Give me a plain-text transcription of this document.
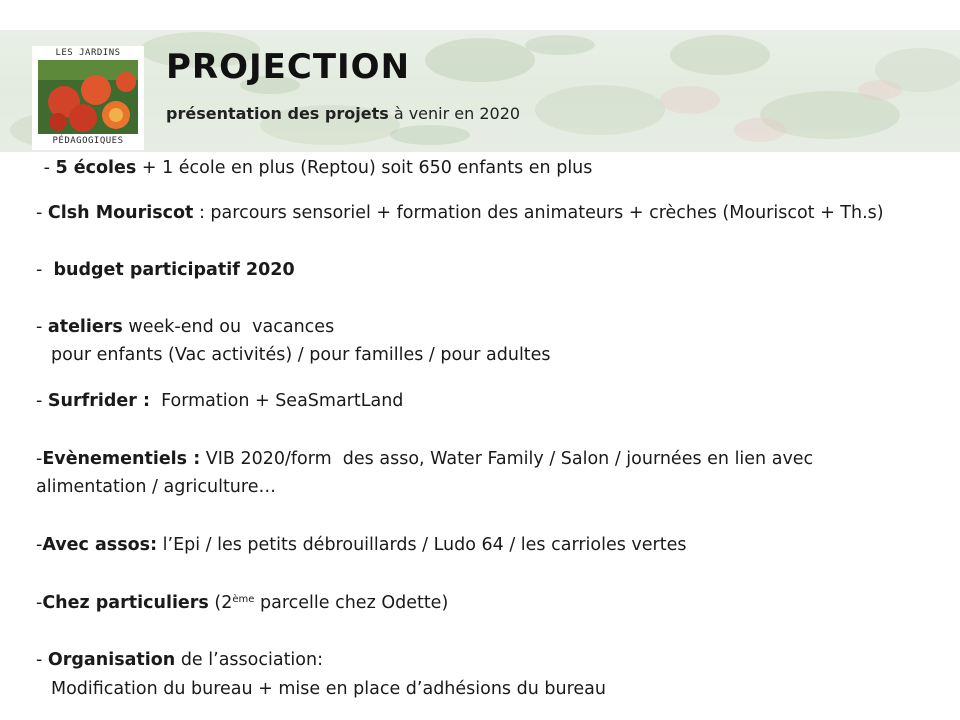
LES JARDINS
PÉDAGOGIQUES
PROJECTION
présentation des projets à venir en 2020
- 5 écoles + 1 école en plus (Reptou) soit 650 enfants en plus
- Clsh Mouriscot : parcours sensoriel + formation des animateurs + crèches (Mouriscot + Th.s)
-  budget participatif 2020
- ateliers week-end ou  vacances
pour enfants (Vac activités) / pour familles / pour adultes
- Surfrider :  Formation + SeaSmartLand
-Evènementiels : VIB 2020/form  des asso, Water Family / Salon / journées en lien avec
alimentation / agriculture…
-Avec assos: l’Epi / les petits débrouillards / Ludo 64 / les carrioles vertes
-Chez particuliers (2ème parcelle chez Odette)
- Organisation de l’association:
Modification du bureau + mise en place d’adhésions du bureau
